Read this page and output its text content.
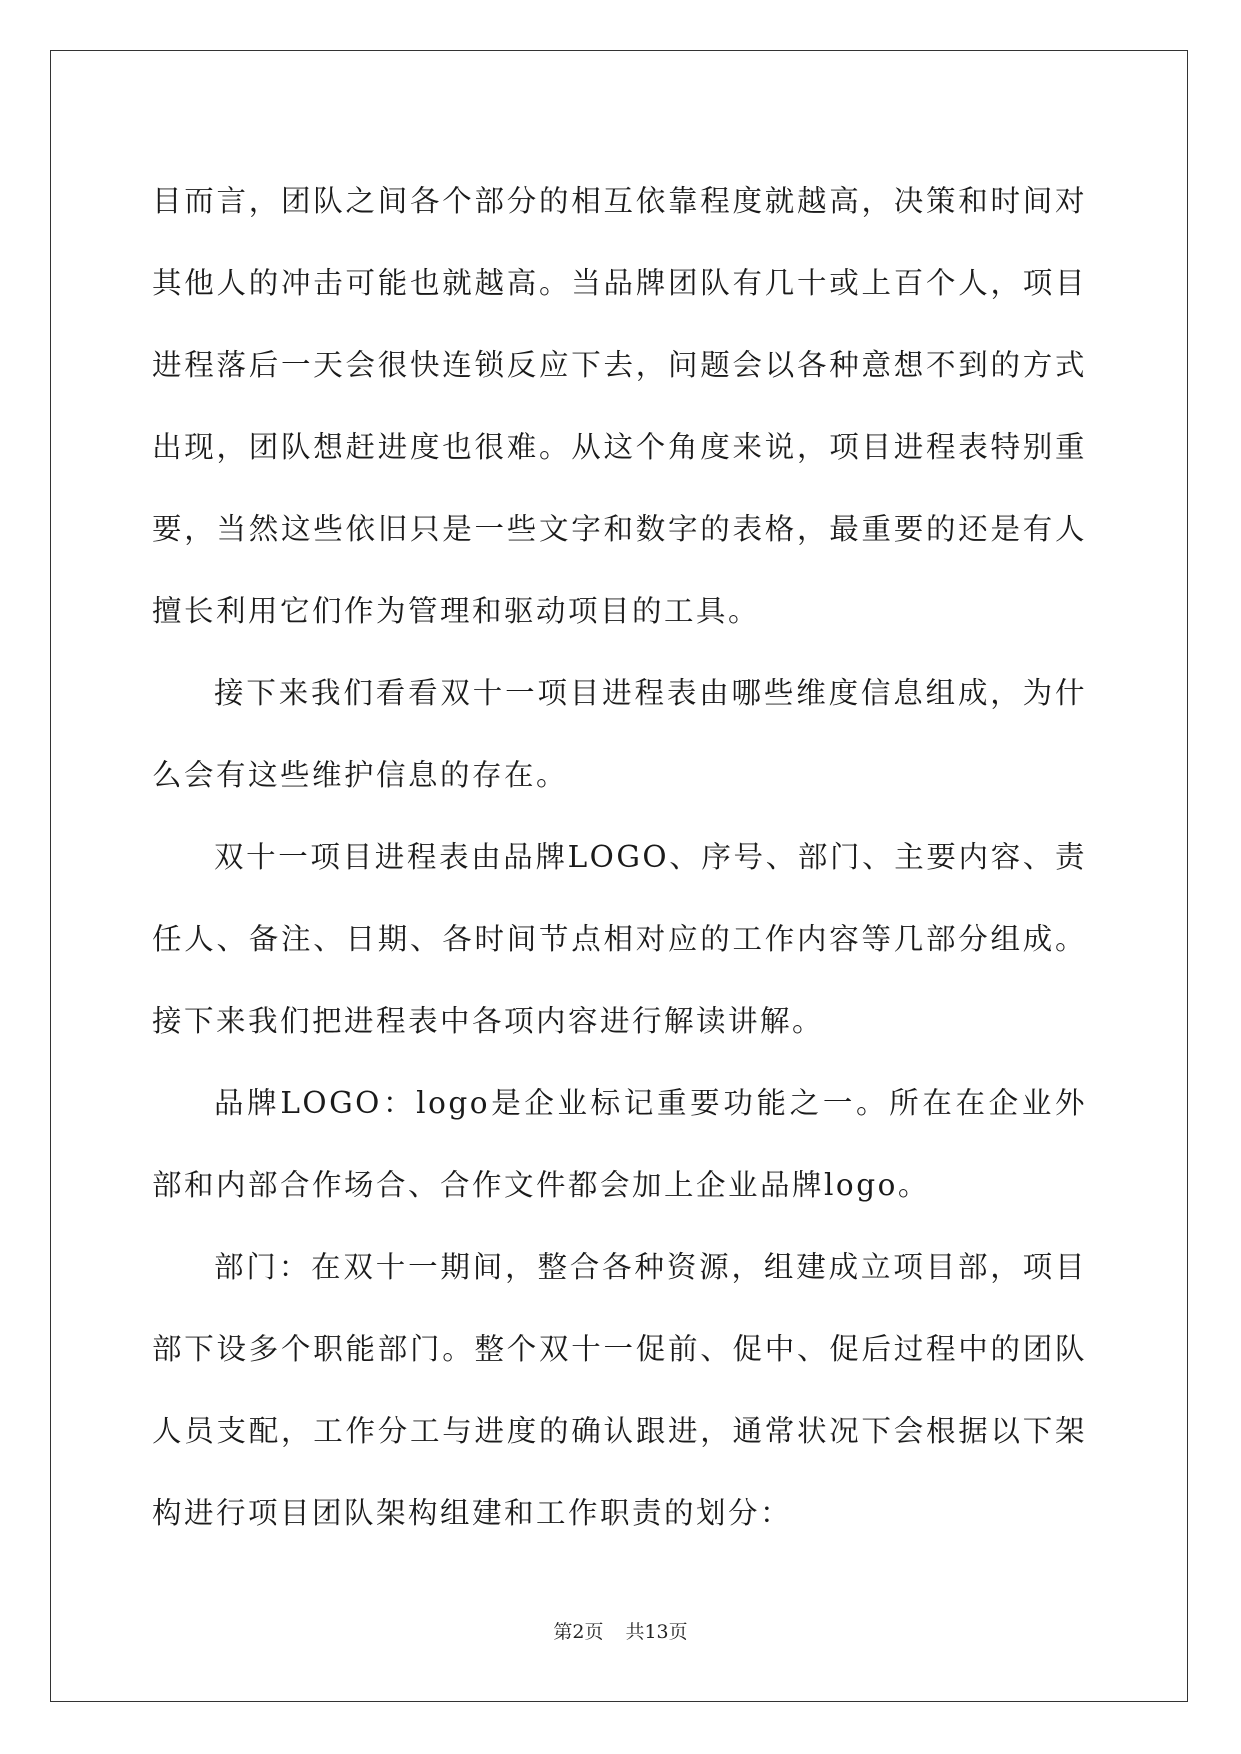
目而言，团队之间各个部分的相互依靠程度就越高，决策和时间对其他人的冲击可能也就越高。当品牌团队有几十或上百个人，项目进程落后一天会很快连锁反应下去，问题会以各种意想不到的方式出现，团队想赶进度也很难。从这个角度来说，项目进程表特别重要，当然这些依旧只是一些文字和数字的表格，最重要的还是有人擅长利用它们作为管理和驱动项目的工具。

接下来我们看看双十一项目进程表由哪些维度信息组成，为什么会有这些维护信息的存在。

双十一项目进程表由品牌LOGO、序号、部门、主要内容、责任人、备注、日期、各时间节点相对应的工作内容等几部分组成。接下来我们把进程表中各项内容进行解读讲解。

品牌LOGO：logo是企业标记重要功能之一。所在在企业外部和内部合作场合、合作文件都会加上企业品牌logo。

部门：在双十一期间，整合各种资源，组建成立项目部，项目部下设多个职能部门。整个双十一促前、促中、促后过程中的团队人员支配，工作分工与进度的确认跟进，通常状况下会根据以下架构进行项目团队架构组建和工作职责的划分：

第2页 共13页
